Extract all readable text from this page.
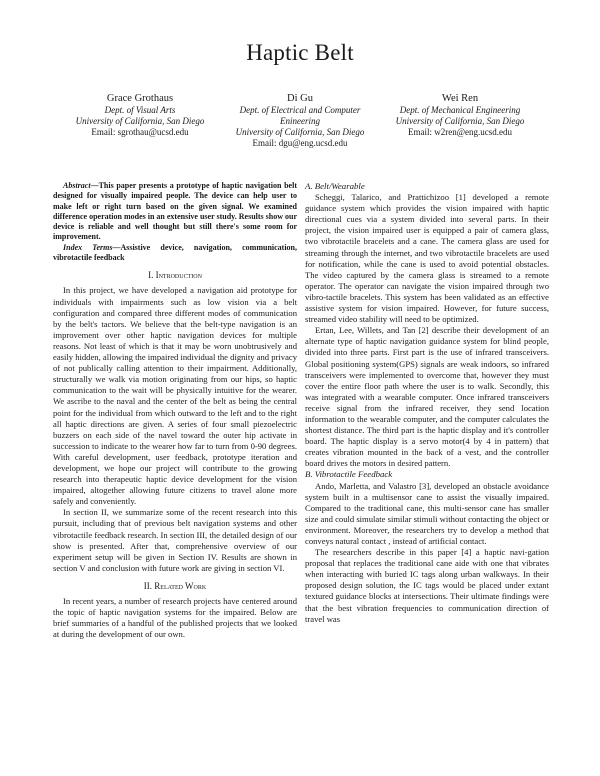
Haptic Belt
Grace Grothaus
Dept. of Visual Arts
University of California, San Diego
Email: sgrothau@ucsd.edu
Di Gu
Dept. of Electrical and Computer Enineering
University of California, San Diego
Email: dgu@eng.ucsd.edu
Wei Ren
Dept. of Mechanical Engineering
University of California, San Diego
Email: w2ren@eng.ucsd.edu

Abstract—This paper presents a prototype of haptic navigation belt designed for visually impaired people. The device can help user to make left or right turn based on the given signal. We examined difference operation modes in an extensive user study. Results show our device is reliable and well thought but still there's some room for improvement.

Index Terms—Assistive device, navigation, communication, vibrotactile feedback

I. Introduction

In this project, we have developed a navigation aid prototype for individuals with impairments such as low vision via a belt configuration and compared three different modes of communication by the belt's tactors. We believe that the belt-type navigation is an improvement over other haptic navigation devices for multiple reasons. Not least of which is that it may be worn unobtrusively and easily hidden, allowing the impaired individual the dignity and privacy of not publically calling attention to their impairment. Additionally, structurally we walk via motion originating from our hips, so haptic communication to the wait will be physically intuitive for the wearer. We ascribe to the naval and the center of the belt as being the central point for the individual from which outward to the left and to the right all haptic directions are given. A series of four small piezoelectric buzzers on each side of the navel toward the outer hip activate in succession to indicate to the wearer how far to turn from 0-90 degrees. With careful development, user feedback, prototype iteration and development, we hope our project will contribute to the growing research into therapeutic haptic device development for the vision impaired, altogether allowing future citizens to travel alone more safely and conveniently.

In section II, we summarize some of the recent research into this pursuit, including that of previous belt navigation systems and other vibrotactile feedback research. In section III, the detailed design of our show is presented. After that, comprehensive overview of our experiment setup will be given in Section IV. Results are shown in section V and conclusion with future work are giving in section VI.

II. Related Work

In recent years, a number of research projects have centered around the topic of haptic navigation systems for the impaired. Below are brief summaries of a handful of the published projects that we looked at during the development of our own.

A. Belt/Wearable

Scheggi, Talarico, and Prattichizoo [1] developed a remote guidance system which provides the vision impaired with haptic directional cues via a system divided into several parts. In their project, the vision impaired user is equipped a pair of camera glass, two vibrotactile bracelets and a cane. The camera glass are used for streaming through the internet, and two vibrotactile bracelets are used for notification, while the cane is used to avoid potential obstacles. The video captured by the camera glass is streamed to a remote operator. The operator can navigate the vision impaired through two vibro-tactile bracelets. This system has been validated as an effective assistive system for vision impaired. However, for future success, streamed video stability will need to be optimized.

Ertan, Lee, Willets, and Tan [2] describe their development of an alternate type of haptic navigation guidance system for blind people, divided into three parts. First part is the use of infrared transceivers. Global positioning system(GPS) signals are weak indoors, so infrared transceivers were implemented to overcome that, however they must cover the entire floor path where the user is to walk. Secondly, this was integrated with a wearable computer. Once infrared transceivers receive signal from the infrared receiver, they send location information to the wearable computer, and the computer calculates the shortest distance. The third part is the haptic display and it's controller board. The haptic display is a servo motor(4 by 4 in pattern) that creates vibration mounted in the back of a vest, and the controller board drives the motors in desired pattern.

B. Vibrotactile Feedback

Ando, Marletta, and Valastro [3], developed an obstacle avoidance system built in a multisensor cane to assist the visually impaired. Compared to the traditional cane, this multi-sensor cane has smaller size and could simulate similar stimuli without contacting the object or environment. Moreover, the researchers try to develop a method that conveys natural contact , instead of artificial contact.

The researchers describe in this paper [4] a haptic navi-gation proposal that replaces the traditional cane aide with one that vibrates when interacting with buried IC tags along urban walkways. In their proposed design solution, the IC tags would be placed under extant textured guidance blocks at intersections. Their ultimate findings were that the best vibration frequencies to communication direction of travel was
